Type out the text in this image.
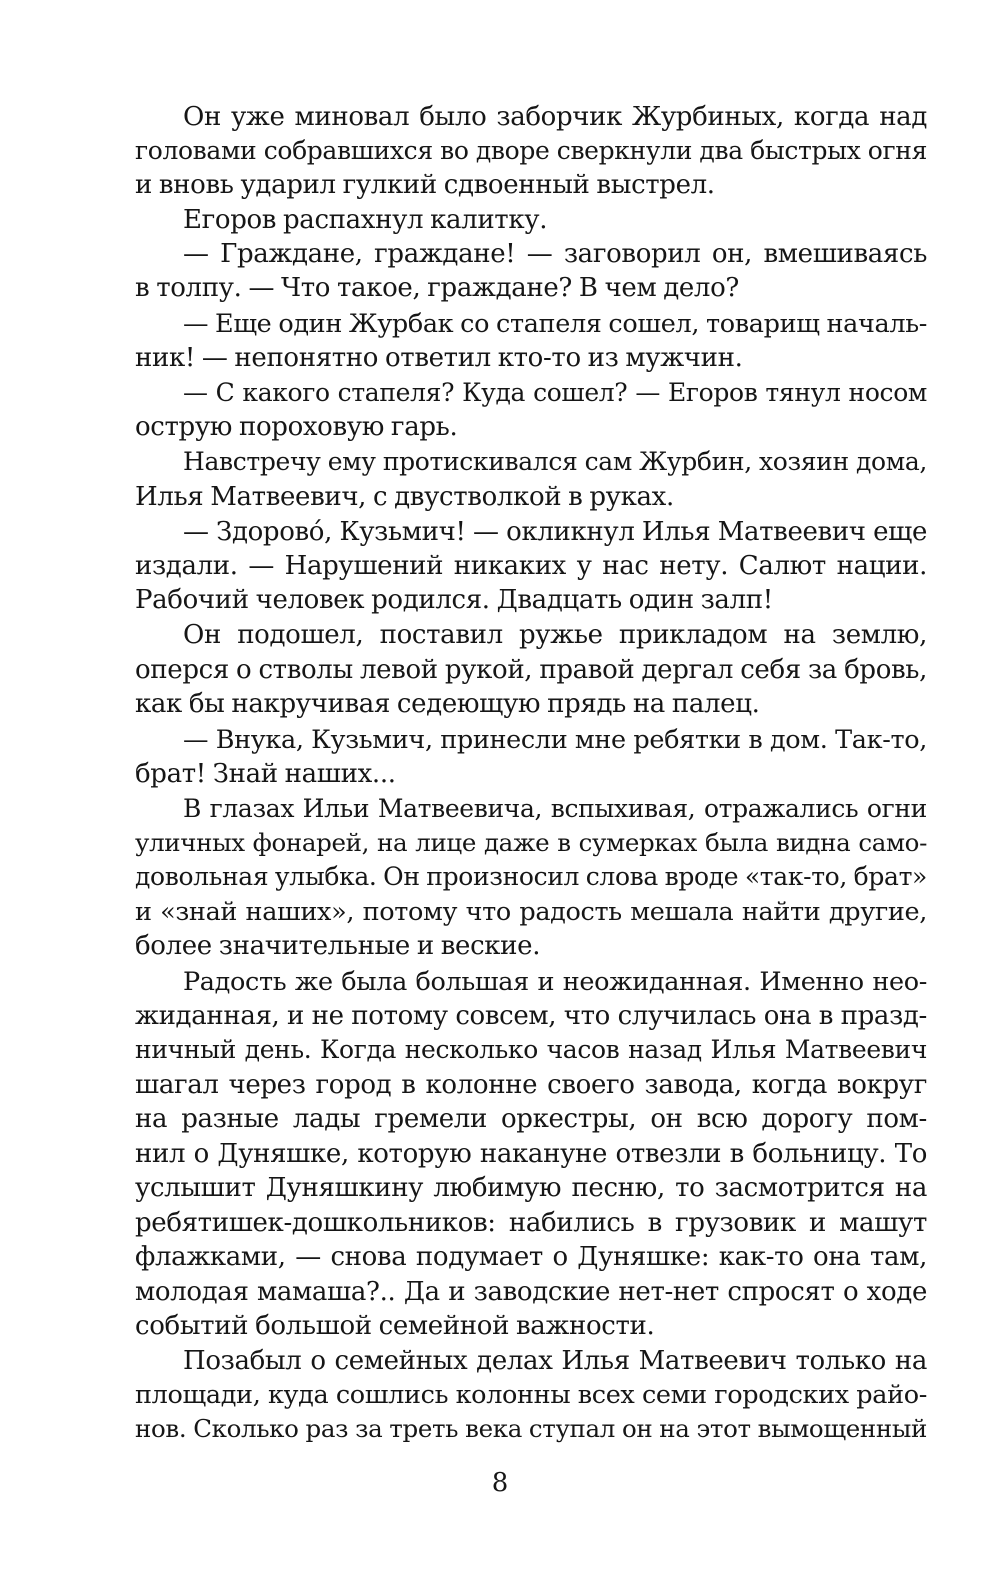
Он уже миновал было заборчик Журбиных, когда над
головами собравшихся во дворе сверкнули два быстрых огня
и вновь ударил гулкий сдвоенный выстрел.
Егоров распахнул калитку.
— Граждане, граждане! — заговорил он, вмешиваясь
в толпу. — Что такое, граждане? В чем дело?
— Еще один Журбак со стапеля сошел, товарищ началь-
ник! — непонятно ответил кто-то из мужчин.
— С какого стапеля? Куда сошел? — Егоров тянул носом
острую пороховую гарь.
Навстречу ему протискивался сам Журбин, хозяин дома,
Илья Матвеевич, с двустволкой в руках.
— Здорово́, Кузьмич! — окликнул Илья Матвеевич еще
издали. — Нарушений никаких у нас нету. Салют нации.
Рабочий человек родился. Двадцать один залп!
Он подошел, поставил ружье прикладом на землю,
оперся о стволы левой рукой, правой дергал себя за бровь,
как бы накручивая седеющую прядь на палец.
— Внука, Кузьмич, принесли мне ребятки в дом. Так-то,
брат! Знай наших...
В глазах Ильи Матвеевича, вспыхивая, отражались огни
уличных фонарей, на лице даже в сумерках была видна само-
довольная улыбка. Он произносил слова вроде «так-то, брат»
и «знай наших», потому что радость мешала найти другие,
более значительные и веские.
Радость же была большая и неожиданная. Именно нео-
жиданная, и не потому совсем, что случилась она в празд-
ничный день. Когда несколько часов назад Илья Матвеевич
шагал через город в колонне своего завода, когда вокруг
на разные лады гремели оркестры, он всю дорогу пом-
нил о Дуняшке, которую накануне отвезли в больницу. То
услышит Дуняшкину любимую песню, то засмотрится на
ребятишек-дошкольников: набились в грузовик и машут
флажками, — снова подумает о Дуняшке: как-то она там,
молодая мамаша?.. Да и заводские нет-нет спросят о ходе
событий большой семейной важности.
Позабыл о семейных делах Илья Матвеевич только на
площади, куда сошлись колонны всех семи городских райо-
нов. Сколько раз за треть века ступал он на этот вымощенный
8
